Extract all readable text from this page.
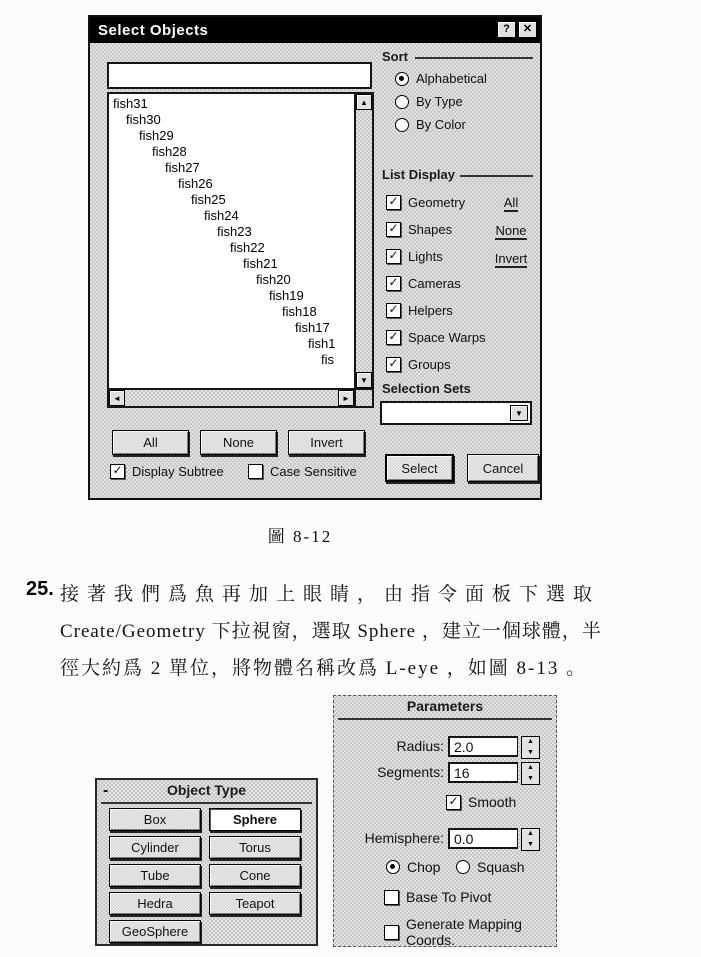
Select Objects	?	✕
fish31
fish30
fish29
fish28
fish27
fish26
fish25
fish24
fish23
fish22
fish21
fish20
fish19
fish18
fish17
fish1
fis
▲
▼
◄	►
All	None	Invert
✓
Display Subtree	Case Sensitive
Sort
Alphabetical
By Type
By Color
List Display
✓
Geometry
✓
Shapes
✓
Lights
✓
Cameras
✓
Helpers
✓
Space Warps
✓
Groups
All
None
Invert
Selection Sets
▼
Select	Cancel
圖 8-12
25. 接著我們爲魚再加上眼睛，由指令面板下選取
Create/Geometry 下拉視窗，選取 Sphere ，建立一個球體，半
徑大約爲 2 單位，將物體名稱改爲 L-eye ，如圖 8-13 。
-	Object Type
Box	Sphere
Cylinder	Torus
Tube	Cone
Hedra	Teapot
GeoSphere
Parameters
Radius: 2.0	▲
▼
Segments: 16	▲
▼
✓
Smooth
Hemisphere: 0.0	▲
▼
Chop	Squash
Base To Pivot
Generate Mapping Coords.
